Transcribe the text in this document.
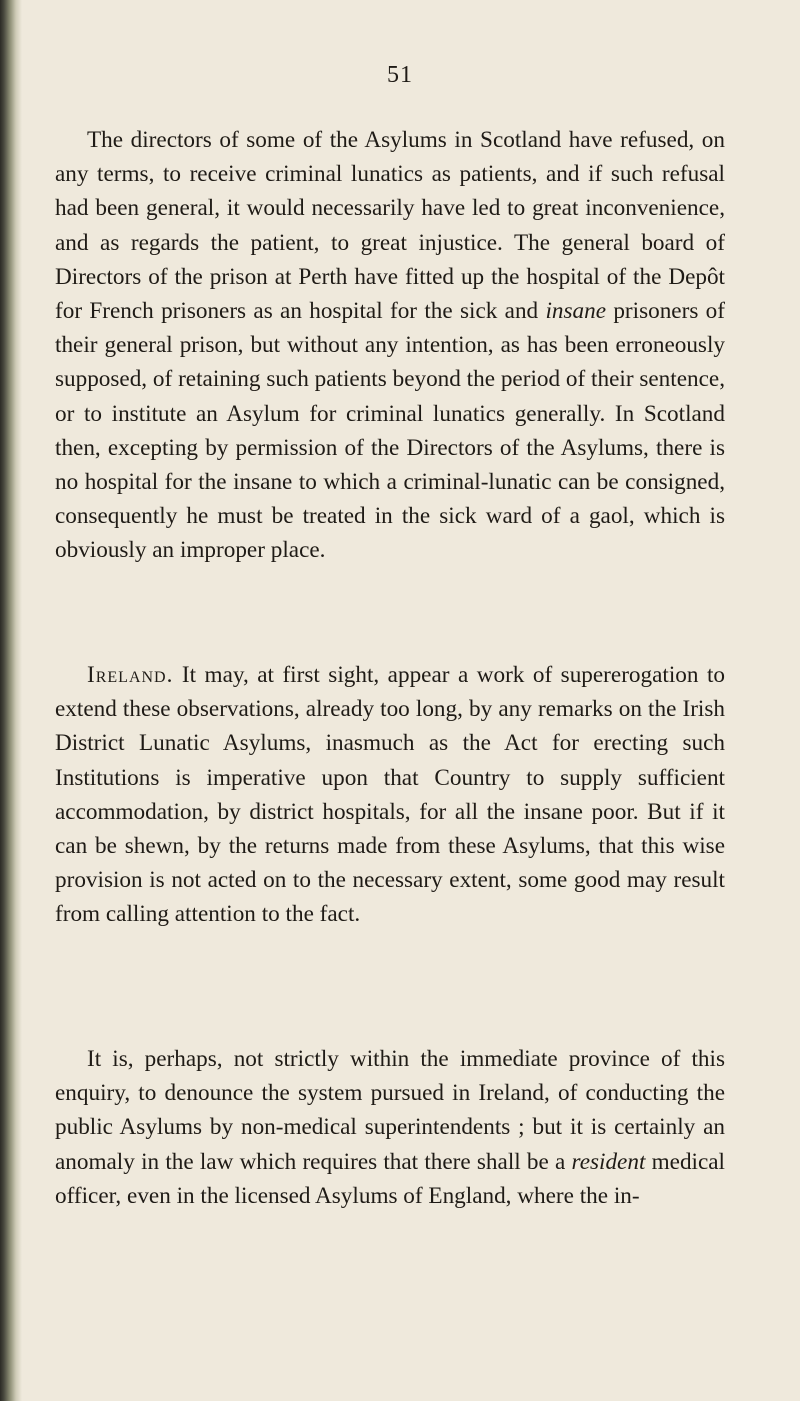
51

The directors of some of the Asylums in Scotland have refused, on any terms, to receive criminal lunatics as patients, and if such refusal had been general, it would necessarily have led to great inconvenience, and as regards the patient, to great injustice. The general board of Directors of the prison at Perth have fitted up the hospital of the Depôt for French prisoners as an hospital for the sick and insane prisoners of their general prison, but without any intention, as has been erroneously supposed, of retaining such patients beyond the period of their sentence, or to institute an Asylum for criminal lunatics generally. In Scotland then, excepting by permission of the Directors of the Asylums, there is no hospital for the insane to which a criminal-lunatic can be consigned, consequently he must be treated in the sick ward of a gaol, which is obviously an improper place.

Ireland. It may, at first sight, appear a work of supererogation to extend these observations, already too long, by any remarks on the Irish District Lunatic Asylums, inasmuch as the Act for erecting such Institutions is imperative upon that Country to supply sufficient accommodation, by district hospitals, for all the insane poor. But if it can be shewn, by the returns made from these Asylums, that this wise provision is not acted on to the necessary extent, some good may result from calling attention to the fact.

It is, perhaps, not strictly within the immediate province of this enquiry, to denounce the system pursued in Ireland, of conducting the public Asylums by non-medical superintendents ; but it is certainly an anomaly in the law which requires that there shall be a resident medical officer, even in the licensed Asylums of England, where the in-
